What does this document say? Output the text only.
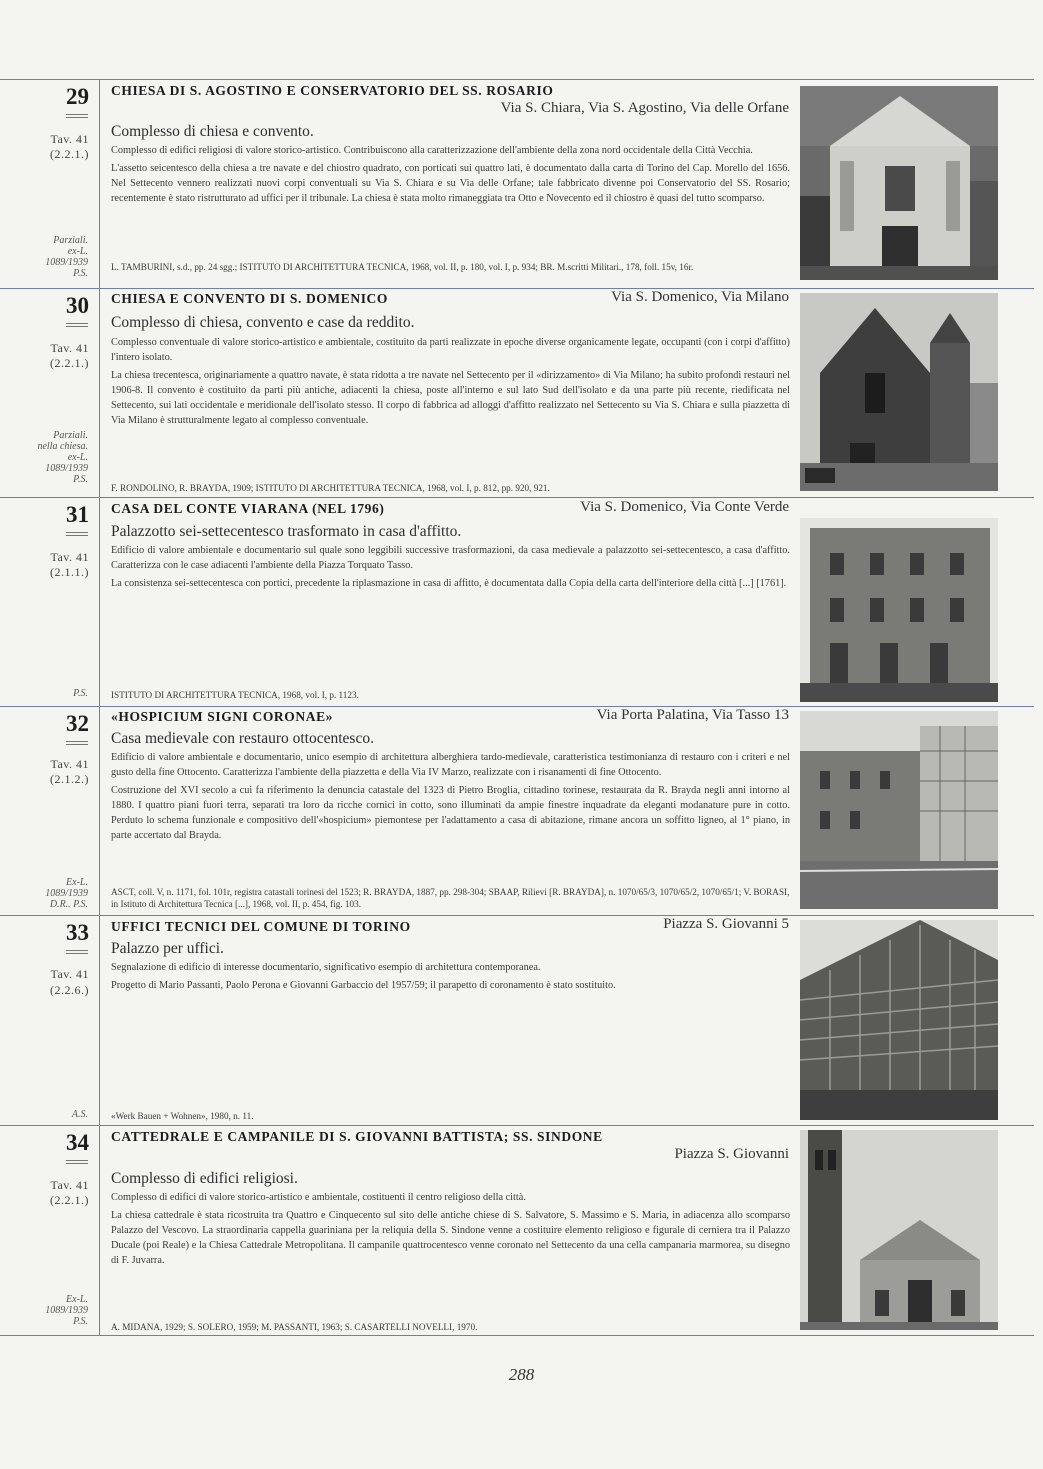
29
Tav. 41
(2.2.1.)
Parziali.
ex-L.
1089/1939
P.S.
CHIESA DI S. AGOSTINO E CONSERVATORIO DEL SS. ROSARIO
Via S. Chiara, Via S. Agostino, Via delle Orfane
Complesso di chiesa e convento.

Complesso di edifici religiosi di valore storico-artistico. Contribuiscono alla caratterizzazione dell'ambiente della zona nord occidentale della Città Vecchia.

L'assetto seicentesco della chiesa a tre navate e del chiostro quadrato, con porticati sui quattro lati, è documentato dalla carta di Torino del Cap. Morello del 1656. Nel Settecento vennero realizzati nuovi corpi conventuali su Via S. Chiara e su Via delle Orfane; tale fabbricato divenne poi Conservatorio del SS. Rosario; recentemente è stato ristrutturato ad uffici per il tribunale. La chiesa è stata molto rimaneggiata tra Otto e Novecento ed il chiostro è quasi del tutto scomparso.

L. TAMBURINI, s.d., pp. 24 sgg.; ISTITUTO DI ARCHITETTURA TECNICA, 1968, vol. II, p. 180, vol. I, p. 934; BR. M.scritti Militari., 178, foll. 15v, 16r.
30
Tav. 41
(2.2.1.)
Parziali.
nella chiesa.
ex-L.
1089/1939
P.S.
CHIESA E CONVENTO DI S. DOMENICO	Via S. Domenico, Via Milano
Complesso di chiesa, convento e case da reddito.

Complesso conventuale di valore storico-artistico e ambientale, costituito da parti realizzate in epoche diverse organicamente legate, occupanti (con i corpi d'affitto) l'intero isolato.

La chiesa trecentesca, originariamente a quattro navate, è stata ridotta a tre navate nel Settecento per il «dirizzamento» di Via Milano; ha subito profondi restauri nel 1906-8. Il convento è costituito da parti più antiche, adiacenti la chiesa, poste all'interno e sul lato Sud dell'isolato e da una parte più recente, riedificata nel Settecento, sui lati occidentale e meridionale dell'isolato stesso. Il corpo di fabbrica ad alloggi d'affitto realizzato nel Settecento su Via S. Chiara e sulla piazzetta di Via Milano è strutturalmente legato al complesso conventuale.

F. RONDOLINO, R. BRAYDA, 1909; ISTITUTO DI ARCHITETTURA TECNICA, 1968, vol. I, p. 812, pp. 920, 921.
31
Tav. 41
(2.1.1.)
P.S.
CASA DEL CONTE VIARANA (NEL 1796)	Via S. Domenico, Via Conte Verde
Palazzotto sei-settecentesco trasformato in casa d'affitto.

Edificio di valore ambientale e documentario sul quale sono leggibili successive trasformazioni, da casa medievale a palazzotto sei-settecentesco, a casa d'affitto. Caratterizza con le case adiacenti l'ambiente della Piazza Torquato Tasso.

La consistenza sei-settecentesca con portici, precedente la riplasmazione in casa di affitto, è documentata dalla Copia della carta dell'interiore della città [...] [1761].

ISTITUTO DI ARCHITETTURA TECNICA, 1968, vol. I, p. 1123.
32
Tav. 41
(2.1.2.)
Ex-L.
1089/1939
D.R.. P.S.
«HOSPICIUM SIGNI CORONAE»	Via Porta Palatina, Via Tasso 13
Casa medievale con restauro ottocentesco.

Edificio di valore ambientale e documentario, unico esempio di architettura alberghiera tardo-medievale, caratteristica testimonianza di restauro con i criteri e nel gusto della fine Ottocento. Caratterizza l'ambiente della piazzetta e della Via IV Marzo, realizzate con i risanamenti di fine Ottocento.

Costruzione del XVI secolo a cui fa riferimento la denuncia catastale del 1323 di Pietro Broglia, cittadino torinese, restaurata da R. Brayda negli anni intorno al 1880. I quattro piani fuori terra, separati tra loro da ricche cornici in cotto, sono illuminati da ampie finestre inquadrate da eleganti modanature pure in cotto. Perduto lo schema funzionale e compositivo dell'«hospicium» piemontese per l'adattamento a casa di abitazione, rimane ancora un soffitto ligneo, al 1° piano, in parte accertato dal Brayda.

ASCT, coll. V, n. 1171, fol. 101r, registra catastali torinesi del 1523; R. BRAYDA, 1887, pp. 298-304; SBAAP, Rilievi [R. BRAYDA], n. 1070/65/3, 1070/65/2, 1070/65/1; V. BORASI, in Istituto di Architettura Tecnica [...], 1968, vol. II, p. 454, fig. 103.
33
Tav. 41
(2.2.6.)
A.S.
UFFICI TECNICI DEL COMUNE DI TORINO	Piazza S. Giovanni 5
Palazzo per uffici.

Segnalazione di edificio di interesse documentario, significativo esempio di architettura contemporanea.

Progetto di Mario Passanti, Paolo Perona e Giovanni Garbaccio del 1957/59; il parapetto di coronamento è stato sostituito.

«Werk Bauen + Wohnen», 1980, n. 11.
34
Tav. 41
(2.2.1.)
Ex-L.
1089/1939
P.S.
CATTEDRALE E CAMPANILE DI S. GIOVANNI BATTISTA; SS. SINDONE
Piazza S. Giovanni
Complesso di edifici religiosi.

Complesso di edifici di valore storico-artistico e ambientale, costituenti il centro religioso della città.

La chiesa cattedrale è stata ricostruita tra Quattro e Cinquecento sul sito delle antiche chiese di S. Salvatore, S. Massimo e S. Maria, in adiacenza allo scomparso Palazzo del Vescovo. La straordinaria cappella guariniana per la reliquia della S. Sindone venne a costituire elemento religioso e figurale di cerniera tra il Palazzo Ducale (poi Reale) e la Chiesa Cattedrale Metropolitana. Il campanile quattrocentesco venne coronato nel Settecento da una cella campanaria marmorea, su disegno di F. Juvarra.

A. MIDANA, 1929; S. SOLERO, 1959; M. PASSANTI, 1963; S. CASARTELLI NOVELLI, 1970.
288
